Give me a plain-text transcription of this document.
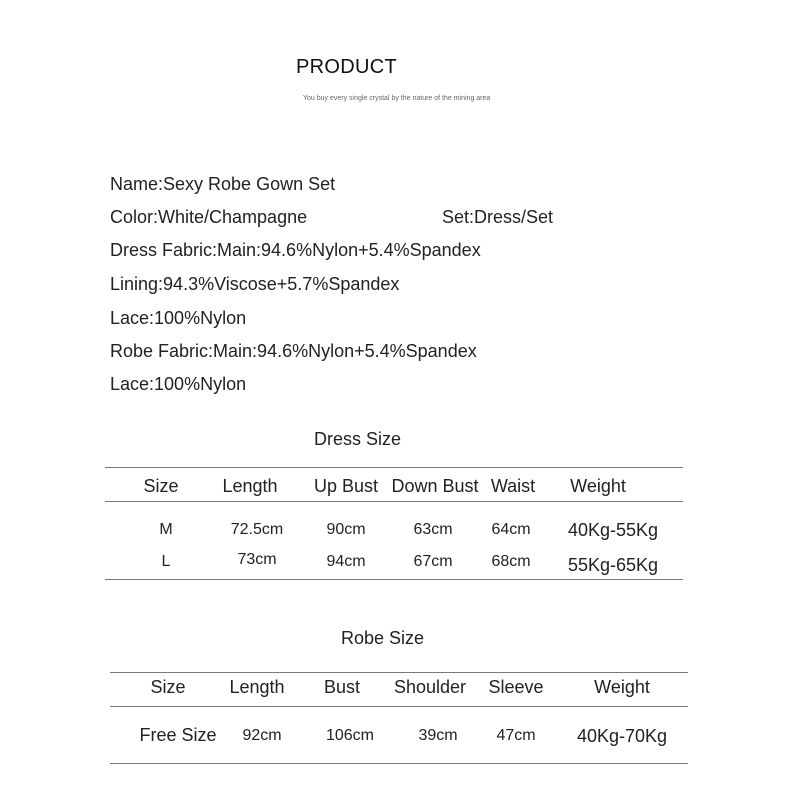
PRODUCT
You buy every single crystal by the nature of the mining area
Name:Sexy Robe Gown Set
Color:White/Champagne	Set:Dress/Set
Dress Fabric:Main:94.6%Nylon+5.4%Spandex
Lining:94.3%Viscose+5.7%Spandex
Lace:100%Nylon
Robe Fabric:Main:94.6%Nylon+5.4%Spandex
Lace:100%Nylon
Dress Size
Size Length Up Bust Down Bust Waist Weight
M	72.5cm	90cm	63cm 64cm 40Kg-55Kg
L	73cm	94cm	67cm 68cm 55Kg-65Kg
Robe Size
Size Length Bust Shoulder Sleeve	Weight
Free Size 92cm	106cm	39cm 47cm 40Kg-70Kg
